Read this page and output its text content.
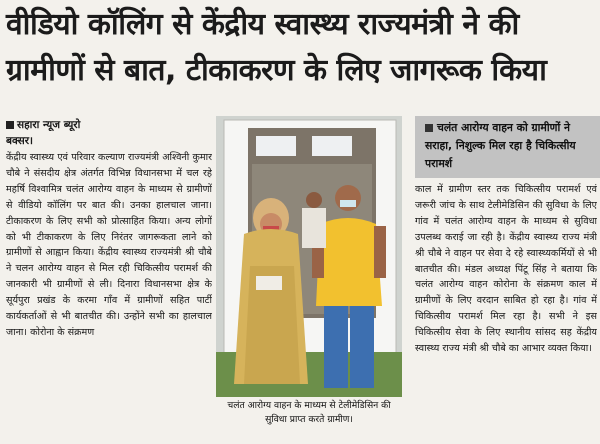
वीडियो कॉलिंग से केंद्रीय स्वास्थ्य राज्यमंत्री ने की
ग्रामीणों से बात, टीकाकरण के लिए जागरूक किया
सहारा न्यूज ब्यूरो
बक्सर।

केंद्रीय स्वास्थ्य एवं परिवार कल्याण राज्यमंत्री अश्विनी कुमार चौबे ने संसदीय क्षेत्र अंतर्गत विभिन्न विधानसभा में चल रहे महर्षि विश्वामित्र चलंत आरोग्य वाहन के माध्यम से ग्रामीणों से वीडियो कॉलिंग पर बात की। उनका हालचाल जाना। टीकाकरण के लिए सभी को प्रोत्साहित किया। अन्य लोगों को भी टीकाकरण के लिए निरंतर जागरूकता लाने को ग्रामीणों से आह्वान किया। केंद्रीय स्वास्थ्य राज्यमंत्री श्री चौबे ने चलन आरोग्य वाहन से मिल रही चिकित्सीय परामर्श की जानकारी भी ग्रामीणों से ली। दिनारा विधानसभा क्षेत्र के सूर्यपुरा प्रखंड के करमा गाँव में ग्रामीणों सहित पार्टी कार्यकर्ताओं से भी बातचीत की। उन्होंने सभी का हालचाल जाना। कोरोना के संक्रमण

चलंत आरोग्य वाहन के माध्यम से टेलीमेडिसिन की सुविधा प्राप्त करते ग्रामीण।
चलंत आरोग्य वाहन को ग्रामीणों ने सराहा, निशुल्क मिल रहा है चिकित्सीय परामर्श

काल में ग्रामीण स्तर तक चिकित्सीय परामर्श एवं जरूरी जांच के साथ टेलीमेडिसिन की सुविधा के लिए गांव में चलंत आरोग्य वाहन के माध्यम से सुविधा उपलब्ध कराई जा रही है। केंद्रीय स्वास्थ्य राज्य मंत्री श्री चौबे ने वाहन पर सेवा दे रहे स्वास्थ्यकर्मियों से भी बातचीत की। मंडल अध्यक्ष पिंटू सिंह ने बताया कि चलंत आरोग्य वाहन कोरोना के संक्रमण काल में ग्रामीणों के लिए वरदान साबित हो रहा है। गांव में चिकित्सीय परामर्श मिल रहा है। सभी ने इस चिकित्सीय सेवा के लिए स्थानीय सांसद सह केंद्रीय स्वास्थ्य राज्य मंत्री श्री चौबे का आभार व्यक्त किया।
